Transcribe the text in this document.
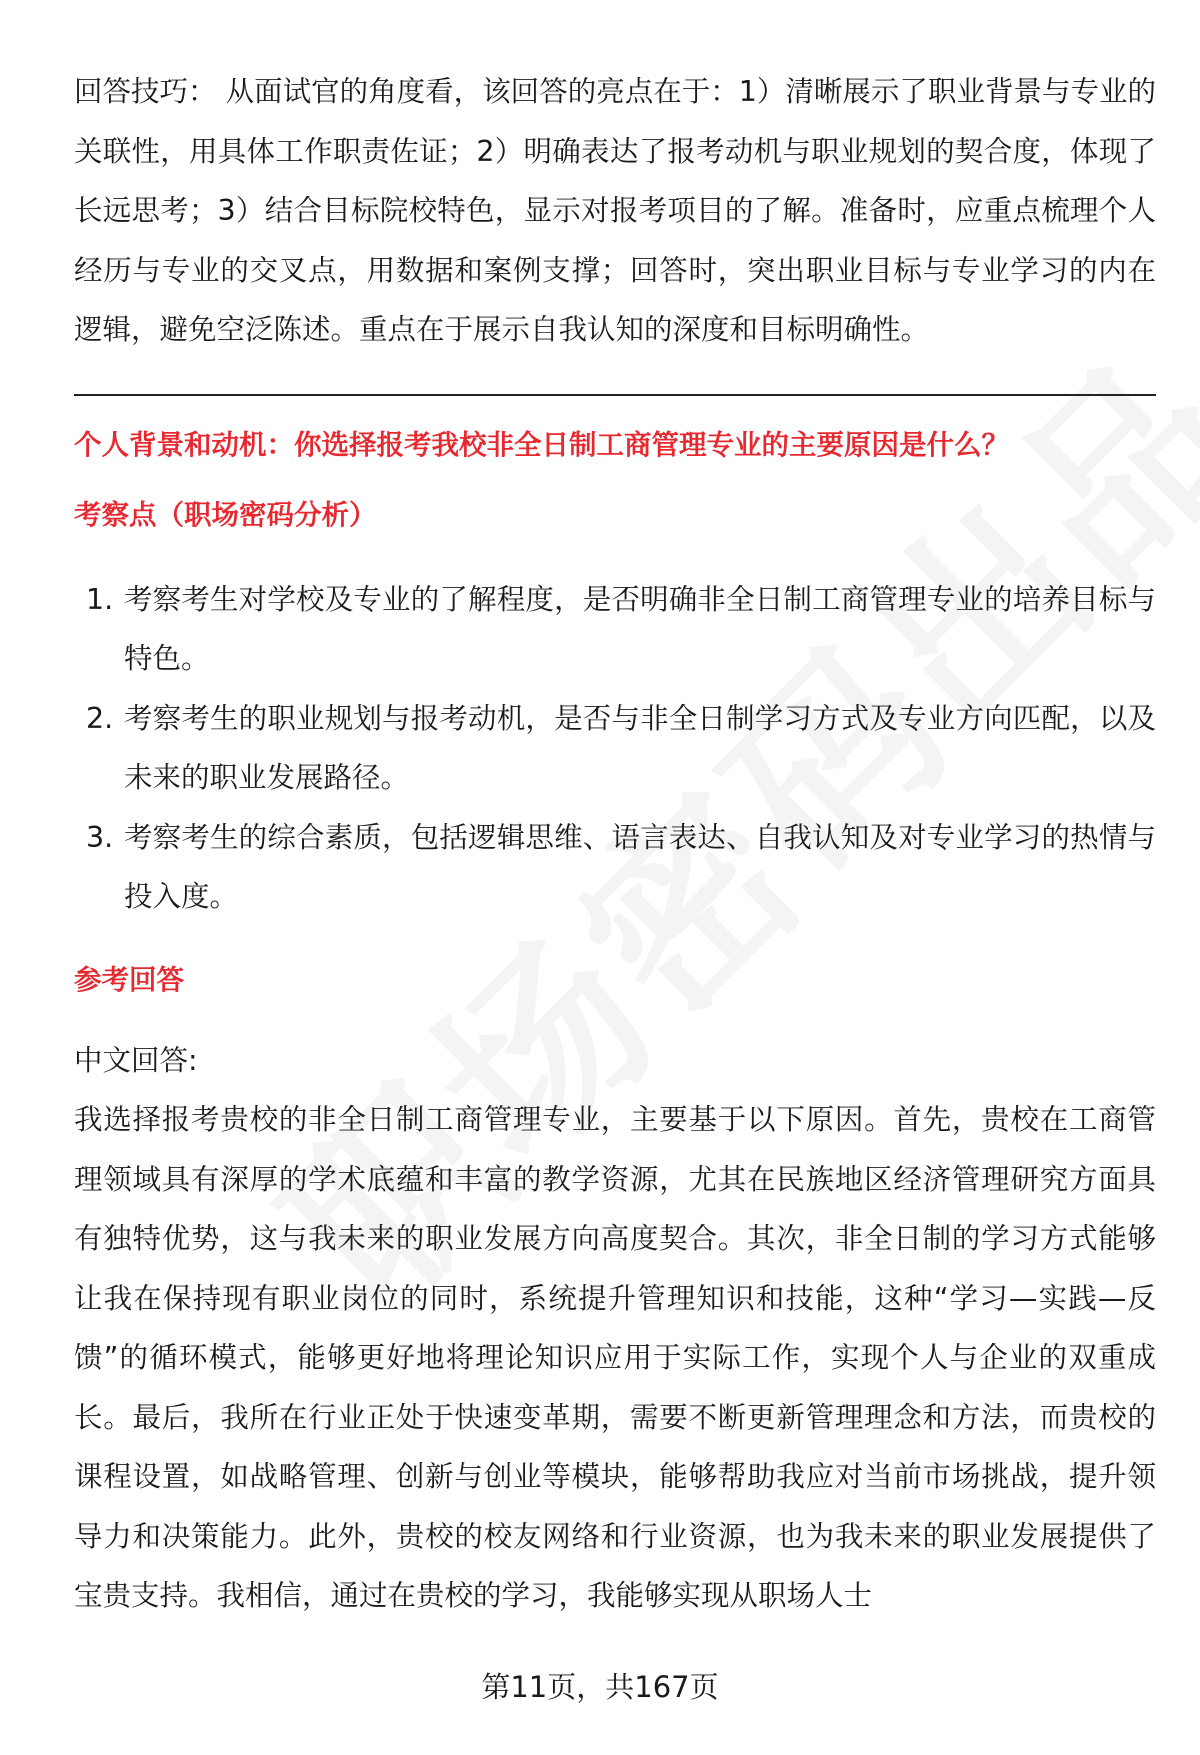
回答技巧： 从面试官的角度看，该回答的亮点在于：1）清晰展示了职业背景与专业的关联性，用具体工作职责佐证；2）明确表达了报考动机与职业规划的契合度，体现了长远思考；3）结合目标院校特色，显示对报考项目的了解。准备时，应重点梳理个人经历与专业的交叉点，用数据和案例支撑；回答时，突出职业目标与专业学习的内在逻辑，避免空泛陈述。重点在于展示自我认知的深度和目标明确性。

个人背景和动机：你选择报考我校非全日制工商管理专业的主要原因是什么？
考察点（职场密码分析）
1. 考察考生对学校及专业的了解程度，是否明确非全日制工商管理专业的培养目标与特色。
2. 考察考生的职业规划与报考动机，是否与非全日制学习方式及专业方向匹配，以及未来的职业发展路径。
3. 考察考生的综合素质，包括逻辑思维、语言表达、自我认知及对专业学习的热情与投入度。
参考回答
中文回答:

我选择报考贵校的非全日制工商管理专业，主要基于以下原因。首先，贵校在工商管理领域具有深厚的学术底蕴和丰富的教学资源，尤其在民族地区经济管理研究方面具有独特优势，这与我未来的职业发展方向高度契合。其次，非全日制的学习方式能够让我在保持现有职业岗位的同时，系统提升管理知识和技能，这种“学习—实践—反馈”的循环模式，能够更好地将理论知识应用于实际工作，实现个人与企业的双重成长。最后，我所在行业正处于快速变革期，需要不断更新管理理念和方法，而贵校的课程设置，如战略管理、创新与创业等模块，能够帮助我应对当前市场挑战，提升领导力和决策能力。此外，贵校的校友网络和行业资源，也为我未来的职业发展提供了宝贵支持。我相信，通过在贵校的学习，我能够实现从职场人士

第11页，共167页
